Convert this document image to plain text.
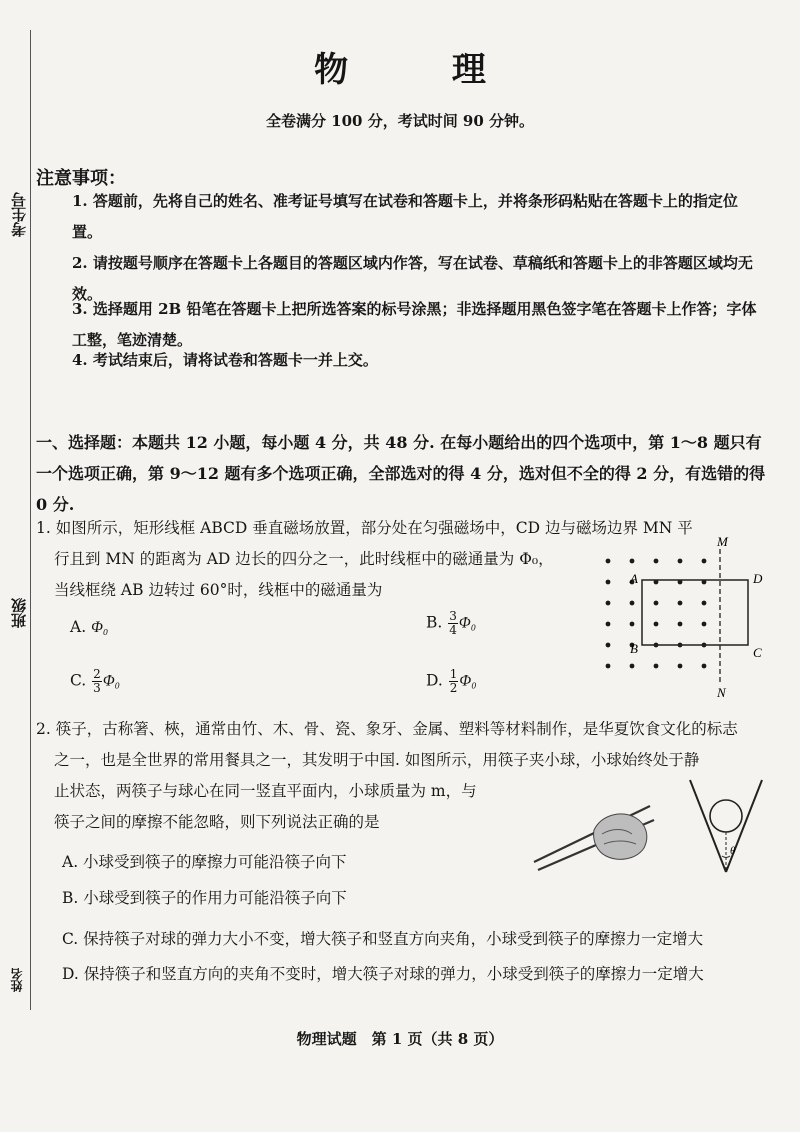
物 理
全卷满分 100 分，考试时间 90 分钟。
考生号
班级
姓名
注意事项：
1. 答题前，先将自己的姓名、准考证号填写在试卷和答题卡上，并将条形码粘贴在答题卡上的指定位置。
2. 请按题号顺序在答题卡上各题目的答题区域内作答，写在试卷、草稿纸和答题卡上的非答题区域均无效。
3. 选择题用 2B 铅笔在答题卡上把所选答案的标号涂黑；非选择题用黑色签字笔在答题卡上作答；字体工整，笔迹清楚。
4. 考试结束后，请将试卷和答题卡一并上交。
一、选择题：本题共 12 小题，每小题 4 分，共 48 分. 在每小题给出的四个选项中，第 1～8 题只有一个选项正确，第 9～12 题有多个选项正确，全部选对的得 4 分，选对但不全的得 2 分，有选错的得 0 分.
1. 如图所示，矩形线框 ABCD 垂直磁场放置，部分处在匀强磁场中，CD 边与磁场边界 MN 平
行且到 MN 的距离为 AD 边长的四分之一，此时线框中的磁通量为 Φ₀，
当线框绕 AB 边转过 60°时，线框中的磁通量为
A. Φ₀	B. $\frac{3}{4} \Phi_0$
C. $\frac{2}{3} \Phi_0$	D. $\frac{1}{2} \Phi_0$
M
N
A
B	C
D
2. 筷子，古称箸、梜，通常由竹、木、骨、瓷、象牙、金属、塑料等材料制作，是华夏饮食文化的标志
之一，也是全世界的常用餐具之一，其发明于中国. 如图所示，用筷子夹小球，小球始终处于静
止状态，两筷子与球心在同一竖直平面内，小球质量为 m，与
筷子之间的摩擦不能忽略，则下列说法正确的是
A. 小球受到筷子的摩擦力可能沿筷子向下
B. 小球受到筷子的作用力可能沿筷子向下
C. 保持筷子对球的弹力大小不变，增大筷子和竖直方向夹角，小球受到筷子的摩擦力一定增大
D. 保持筷子和竖直方向的夹角不变时，增大筷子对球的弹力，小球受到筷子的摩擦力一定增大
θ
物理试题　第 1 页（共 8 页）
